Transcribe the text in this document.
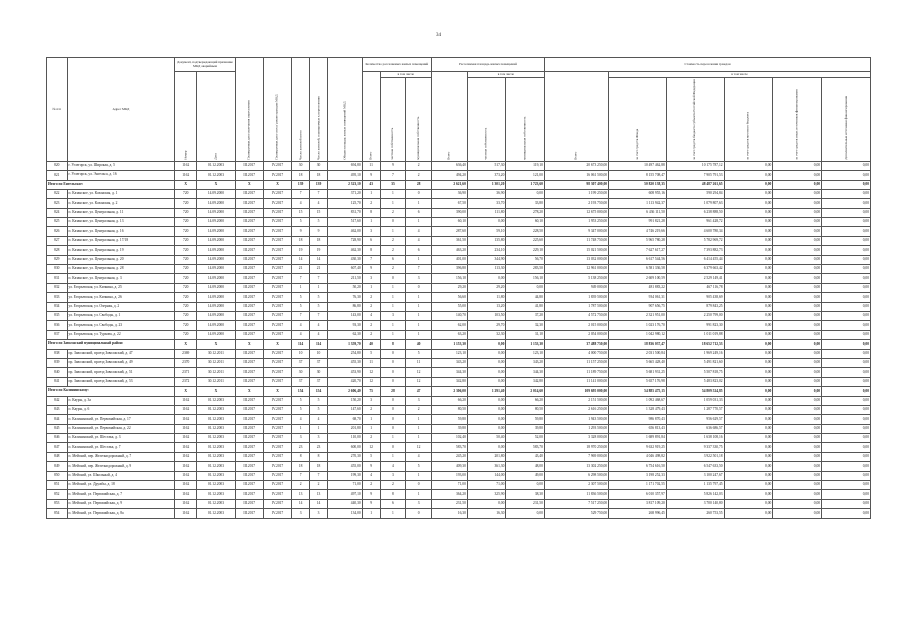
34
№ п/п	Адрес МКД	Документ, подтверждающий признание МКД аварийным		Планируемая дата окончания переселения	Планируемая дата сноса/ реконструкции МКД	Число жителей всего	Число жителей, планируемых к переселению	Общая площадь жилых помещений МКД	Количество расселяемых жилых помещений			Расселяемая площадь жилых помещений			Стоимость переселения граждан					
		Номер	Дата						Всего	в том числе		Всего	в том числе		Всего	в том числе				
										частная собственность	муниципальная собственность		частная собственность	муниципальная собственность		за счет средств Фонда	за счет средств бюджета субъекта Российской Федерации	за счет средств местного бюджета	за счет средств иных источников финансирования	Дополнительные источники финансирования
820	г. Углегорск, ул. Широкая, д. 5	1162	01.12.2003	III.2017	IV.2017	30	30	694,80	11	9	2	636,40	517,30	119,10	20 673 250,00	10 497 462,88	10 175 787,12	0,00	0,00	0,00
821	г. Углегорск, ул. Энгельса, д. 16	1162	01.12.2003	III.2017	IV.2017	18	18	495,10	9	7	2	494,20	373,20	121,00	16 061 500,00	8 155 708,47	7 905 791,53	0,00	0,00	0,00
Итого по Енгельское:		X	X	X	X	139	139	2 323,10	43	35	28	2 621,60	1 301,20	1 723,60	98 307 400,00	50 820 138,35	48 487 261,65	0,00	0,00	0,00
822	п. Казанское, ул. Казанская, д. 1	720	14.09.2000	III.2017	IV.2017	7	7	371,20	1	1	0	36,90	36,90	0,00	1 199 250,00	608 955,16	590 294,84	0,00	0,00	0,00
823	п. Казанское, ул. Казанская, д. 2	720	14.09.2000	III.2017	IV.2017	4	4	125,70	2	1	1	67,50	33,70	33,80	2 193 750,00	1 113 942,37	1 079 807,63	0,00	0,00	0,00
824	п. Казанское, ул. Центральная, д. 11	720	14.09.2000	III.2017	IV.2017	15	15	831,70	8	2	6	390,00	111,80	278,20	12 675 000,00	6 436 111,50	6 238 888,50	0,00	0,00	0,00
825	п. Казанское, ул. Центральная, д. 13	720	14.09.2000	III.2017	IV.2017	5	5	517,60	1	0	1	60,10	0,00	60,10	1 953 250,00	991 821,28	961 428,72	0,00	0,00	0,00
826	п. Казанское, ул. Центральная, д. 16	720	14.09.2000	III.2017	IV.2017	9	9	462,00	3	1	4	287,60	59,10	228,50	9 347 000,00	4 746 219,66	4 600 780,34	0,00	0,00	0,00
827	п. Казанское, ул. Центральная, д. 17/18	720	14.09.2000	III.2017	IV.2017	18	18	728,90	6	2	4	361,50	135,80	225,60	11 748 750,00	5 965 780,28	5 782 969,72	0,00	0,00	0,00
828	п. Казанское, ул. Центральная, д. 19	720	14.09.2000	III.2017	IV.2017	19	19	462,30	8	2	6	463,20	234,10	229,10	15 021 500,00	7 627 617,27	7 393 882,73	0,00	0,00	0,00
829	п. Казанское, ул. Центральная, д. 20	720	14.09.2000	III.2017	IV.2017	14	14	430,30	7	6	1	401,00	344,90	56,70	13 032 000,00	6 617 544,56	6 414 455,44	0,00	0,00	0,00
830	п. Казанское, ул. Центральная, д. 28	720	14.09.2000	III.2017	IV.2017	21	21	607,40	9	2	7	396,80	113,30	283,50	12 961 000,00	6 581 336,58	6 379 663,42	0,00	0,00	0,00
831	п. Казанское, ул. Центральная, д. 3	720	14.09.2000	III.2017	IV.2017	7	7	211,50	3	0	3	156,10	0,00	156,10	5 138 250,00	2 609 100,59	2 529 149,41	0,00	0,00	0,00
832	ул. Егорьевская, ул. Кичкина, д. 25	720	14.09.2000	III.2017	IV.2017	1	1	50,20	1	1	0	29,20	29,20	0,00	949 000,00	481 883,22	467 116,78	0,00	0,00	0,00
833	ул. Егорьевская, ул. Кичкина, д. 26	720	14.09.2000	III.2017	IV.2017	5	5	76,30	2	1	1	56,60	11,80	44,80	1 839 500,00	934 061,31	905 438,69	0,00	0,00	0,00
834	ул. Егорьевская, ул. Озерная, д. 2	720	14.09.2000	III.2017	IV.2017	5	5	86,80	2	1	1	55,00	13,20	41,80	1 787 500,00	907 656,75	879 843,25	0,00	0,00	0,00
835	ул. Егорьевская, ул. Свободы, д. 1	720	14.09.2000	III.2017	IV.2017	7	7	143,00	4	3	1	140,70	103,50	37,20	4 572 750,00	2 321 951,00	2 250 799,00	0,00	0,00	0,00
836	ул. Егорьевская, ул. Свободы, д. 23	720	14.09.2000	III.2017	IV.2017	4	4	93,30	2	1	1	62,00	29,70	32,30	2 015 000,00	1 023 176,70	991 823,30	0,00	0,00	0,00
837	ул. Егорьевская, ул. Туркова, д. 22	720	14.09.2000	III.2017	IV.2017	4	4	62,30	2	1	1	63,20	32,30	31,10	2 054 000,00	1 042 980,12	1 011 019,88	0,00	0,00	0,00
Итого по Заволжский муниципальный район:		X	X	X	X	114	114	1 359,70	40	8	40	1 153,30	0,00	1 153,30	37 488 750,00	18 836 037,47	18 652 712,53	0,00	0,00	0,00
838	пр. Заволжский, проезд Заволжский, д. 47	2369	30.12.2011	III.2017	IV.2017	10	10	254,80	5	0	5	123,10	0,00	123,10	4 000 750,00	2 031 500,84	1 969 249,16	0,00	0,00	0,00
839	пр. Заволжский, проезд Заволжский, д. 49	2370	30.12.2011	III.2017	IV.2017	37	37	455,30	11	0	11	343,20	0,00	343,20	11 157 250,00	5 665 428,40	5 491 821,60	0,00	0,00	0,00
840	пр. Заволжский, проезд Заволжский, д. 51	2371	30.12.2011	III.2017	IV.2017	30	30	453,90	12	0	12	344,30	0,00	344,30	11 189 750,00	5 681 931,25	5 507 818,75	0,00	0,00	0,00
841	пр. Заволжский, проезд Заволжский, д. 53	2372	30.12.2011	III.2017	IV.2017	37	37	420,70	12	0	12	342,80	0,00	342,80	11 141 000,00	5 657 176,98	5 483 823,02	0,00	0,00	0,00
Итого по Калининскому:		X	X	X	X	154	154	2 606,40	75	28	47	2 306,00	1 291,40	2 014,60	109 695 000,00	54 885 475,15	54 809 524,85	0,00	0,00	0,00
842	п. Кауры, д. 3а	1162	01.12.2003	III.2017	IV.2017	5	5	150,20	3	0	3	66,20	0,00	66,20	2 151 500,00	1 092 468,67	1 059 031,33	0,00	0,00	0,00
843	п. Кауры, д. 6	1162	01.12.2003	III.2017	IV.2017	5	5	147,60	2	0	2	80,50	0,00	80,50	2 616 250,00	1 328 479,43	1 287 770,57	0,00	0,00	0,00
844	п. Калининский, ул. Первомайская, д. 17	1162	01.12.2003	III.2017	IV.2017	4	4	68,70	1	0	1	59,80	0,00	59,80	1 943 500,00	986 870,43	956 629,57	0,00	0,00	0,00
845	п. Калининский, ул. Первомайская, д. 22	1162	01.12.2003	III.2017	IV.2017	1	1	201,80	1	0	1	39,80	0,00	39,80	1 293 500,00	656 813,43	636 686,57	0,00	0,00	0,00
846	п. Калининский, ул. Шестака, д. 3	1162	01.12.2003	III.2017	IV.2017	3	3	110,00	2	1	1	102,40	50,40	52,00	3 328 000,00	1 689 891,84	1 638 108,16	0,00	0,00	0,00
847	п. Калининский, ул. Шестака, д. 7	1162	01.12.2003	III.2017	IV.2017	23	23	600,00	12	0	12	583,70	0,00	583,70	18 970 250,00	9 632 919,25	9 337 330,75	0,00	0,00	0,00
848	п. Мейский, пер. Железнодорожный, д. 7	1162	01.12.2003	III.2017	IV.2017	8	8	270,30	5	1	4	245,20	201,80	43,40	7 969 000,00	4 046 498,82	3 922 501,18	0,00	0,00	0,00
849	п. Мейский, пер. Железнодорожный, д. 9	1162	01.12.2003	III.2017	IV.2017	18	18	455,00	9	4	5	409,30	361,30	48,00	13 302 250,00	6 754 616,50	6 547 633,50	0,00	0,00	0,00
850	п. Мейский, ул. Школьный, д. 4	1162	01.12.2003	III.2017	IV.2017	7	7	199,30	4	3	1	193,00	144,00	49,00	6 298 500,00	3 198 252,33	3 100 247,67	0,00	0,00	0,00
851	п. Мейский, ул. Дружбы, д. 18	1162	01.12.2003	III.2017	IV.2017	2	2	71,00	2	2	0	71,00	71,00	0,00	2 307 500,00	1 171 702,55	1 135 797,45	0,00	0,00	0,00
852	п. Мейский, ул. Первомайская, д. 7	1162	01.12.2003	III.2017	IV.2017	13	13	497,10	9	8	1	364,20	325,90	38,30	11 836 500,00	6 010 357,97	5 826 142,03	0,00	0,00	0,00
853	п. Мейский, ул. Первомайская, д. 9	1162	01.12.2003	III.2017	IV.2017	14	14	440,30	9	6	3	231,50	0,00	231,50	7 517 250,00	3 817 109,20	3 700 140,80	0,00	0,00	0,00
854	п. Мейский, ул. Первомайская, д. 8а	1162	01.12.2003	III.2017	IV.2017	3	3	134,00	1	1	0	16,30	16,30	0,00	529 750,00	268 996,45	260 753,55	0,00	0,00	0,00
